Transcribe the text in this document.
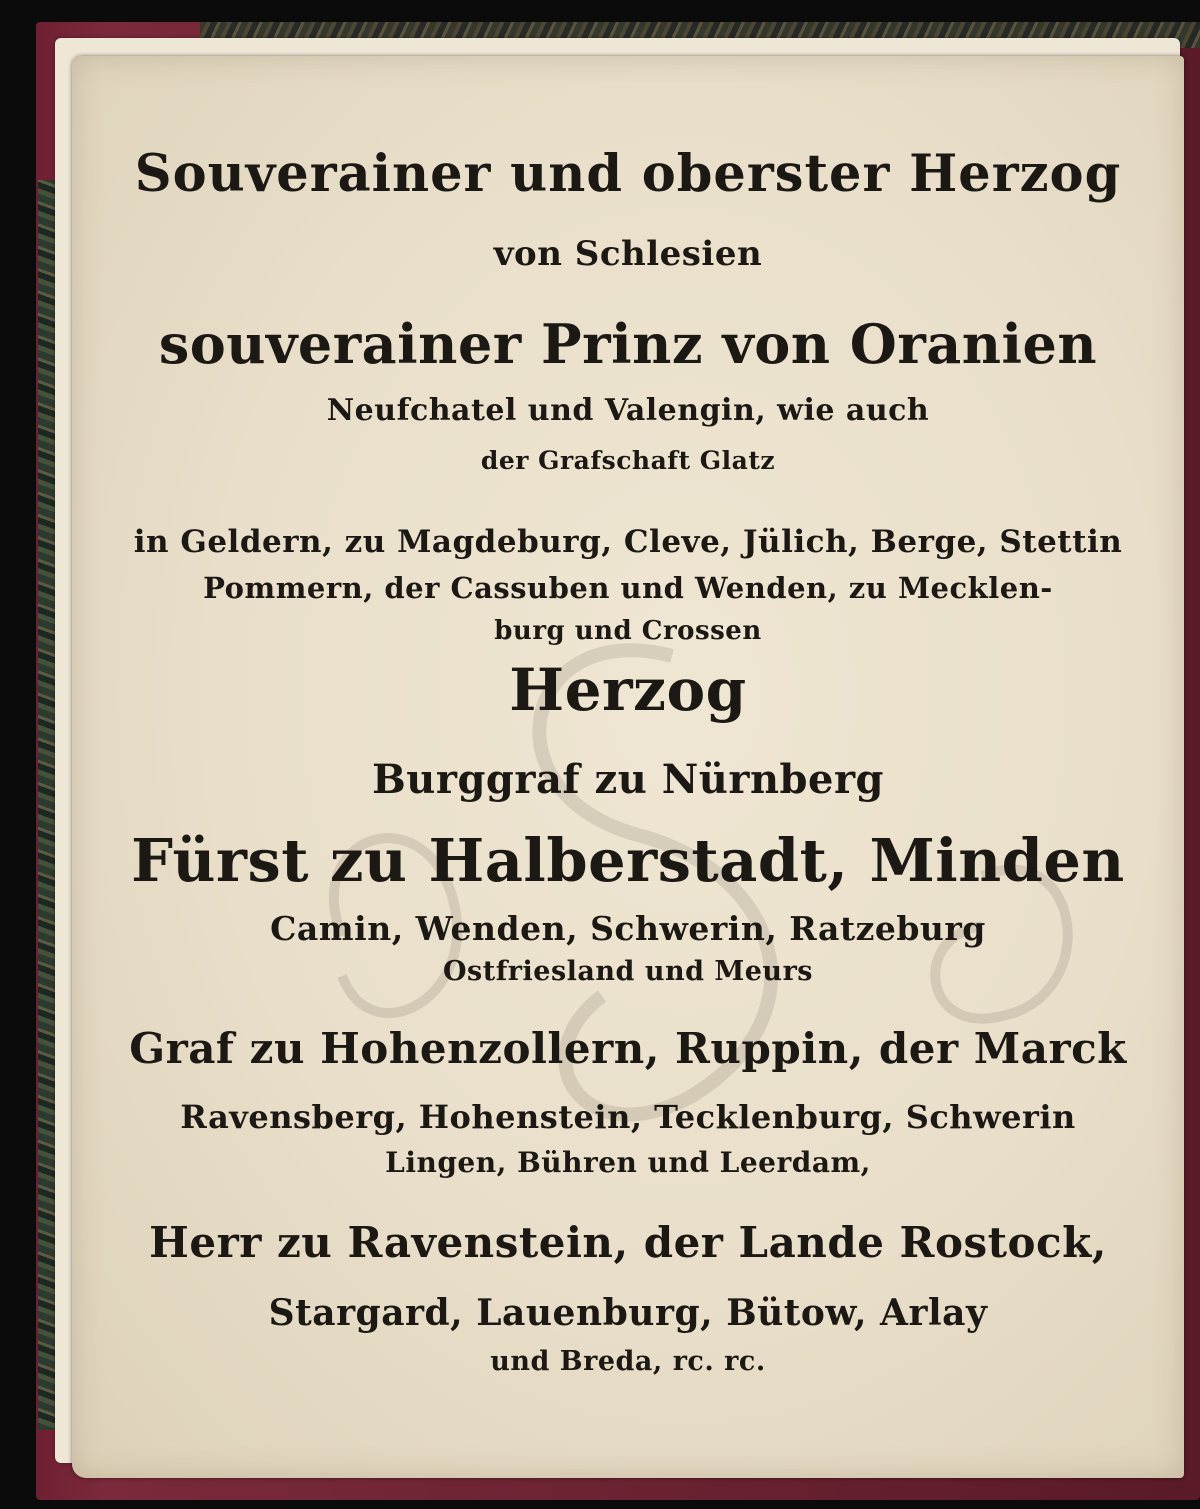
Souverainer und oberster Herzog
von Schlesien
souverainer Prinz von Oranien
Neufchatel und Valengin, wie auch
der Grafschaft Glatz
in Geldern, zu Magdeburg, Cleve, Jülich, Berge, Stettin
Pommern, der Cassuben und Wenden, zu Mecklen-
burg und Crossen
Herzog
Burggraf zu Nürnberg
Fürst zu Halberstadt, Minden
Camin, Wenden, Schwerin, Ratzeburg
Ostfriesland und Meurs
Graf zu Hohenzollern, Ruppin, der Marck
Ravensberg, Hohenstein, Tecklenburg, Schwerin
Lingen, Bühren und Leerdam,
Herr zu Ravenstein, der Lande Rostock,
Stargard, Lauenburg, Bütow, Arlay
und Breda, rc. rc.
